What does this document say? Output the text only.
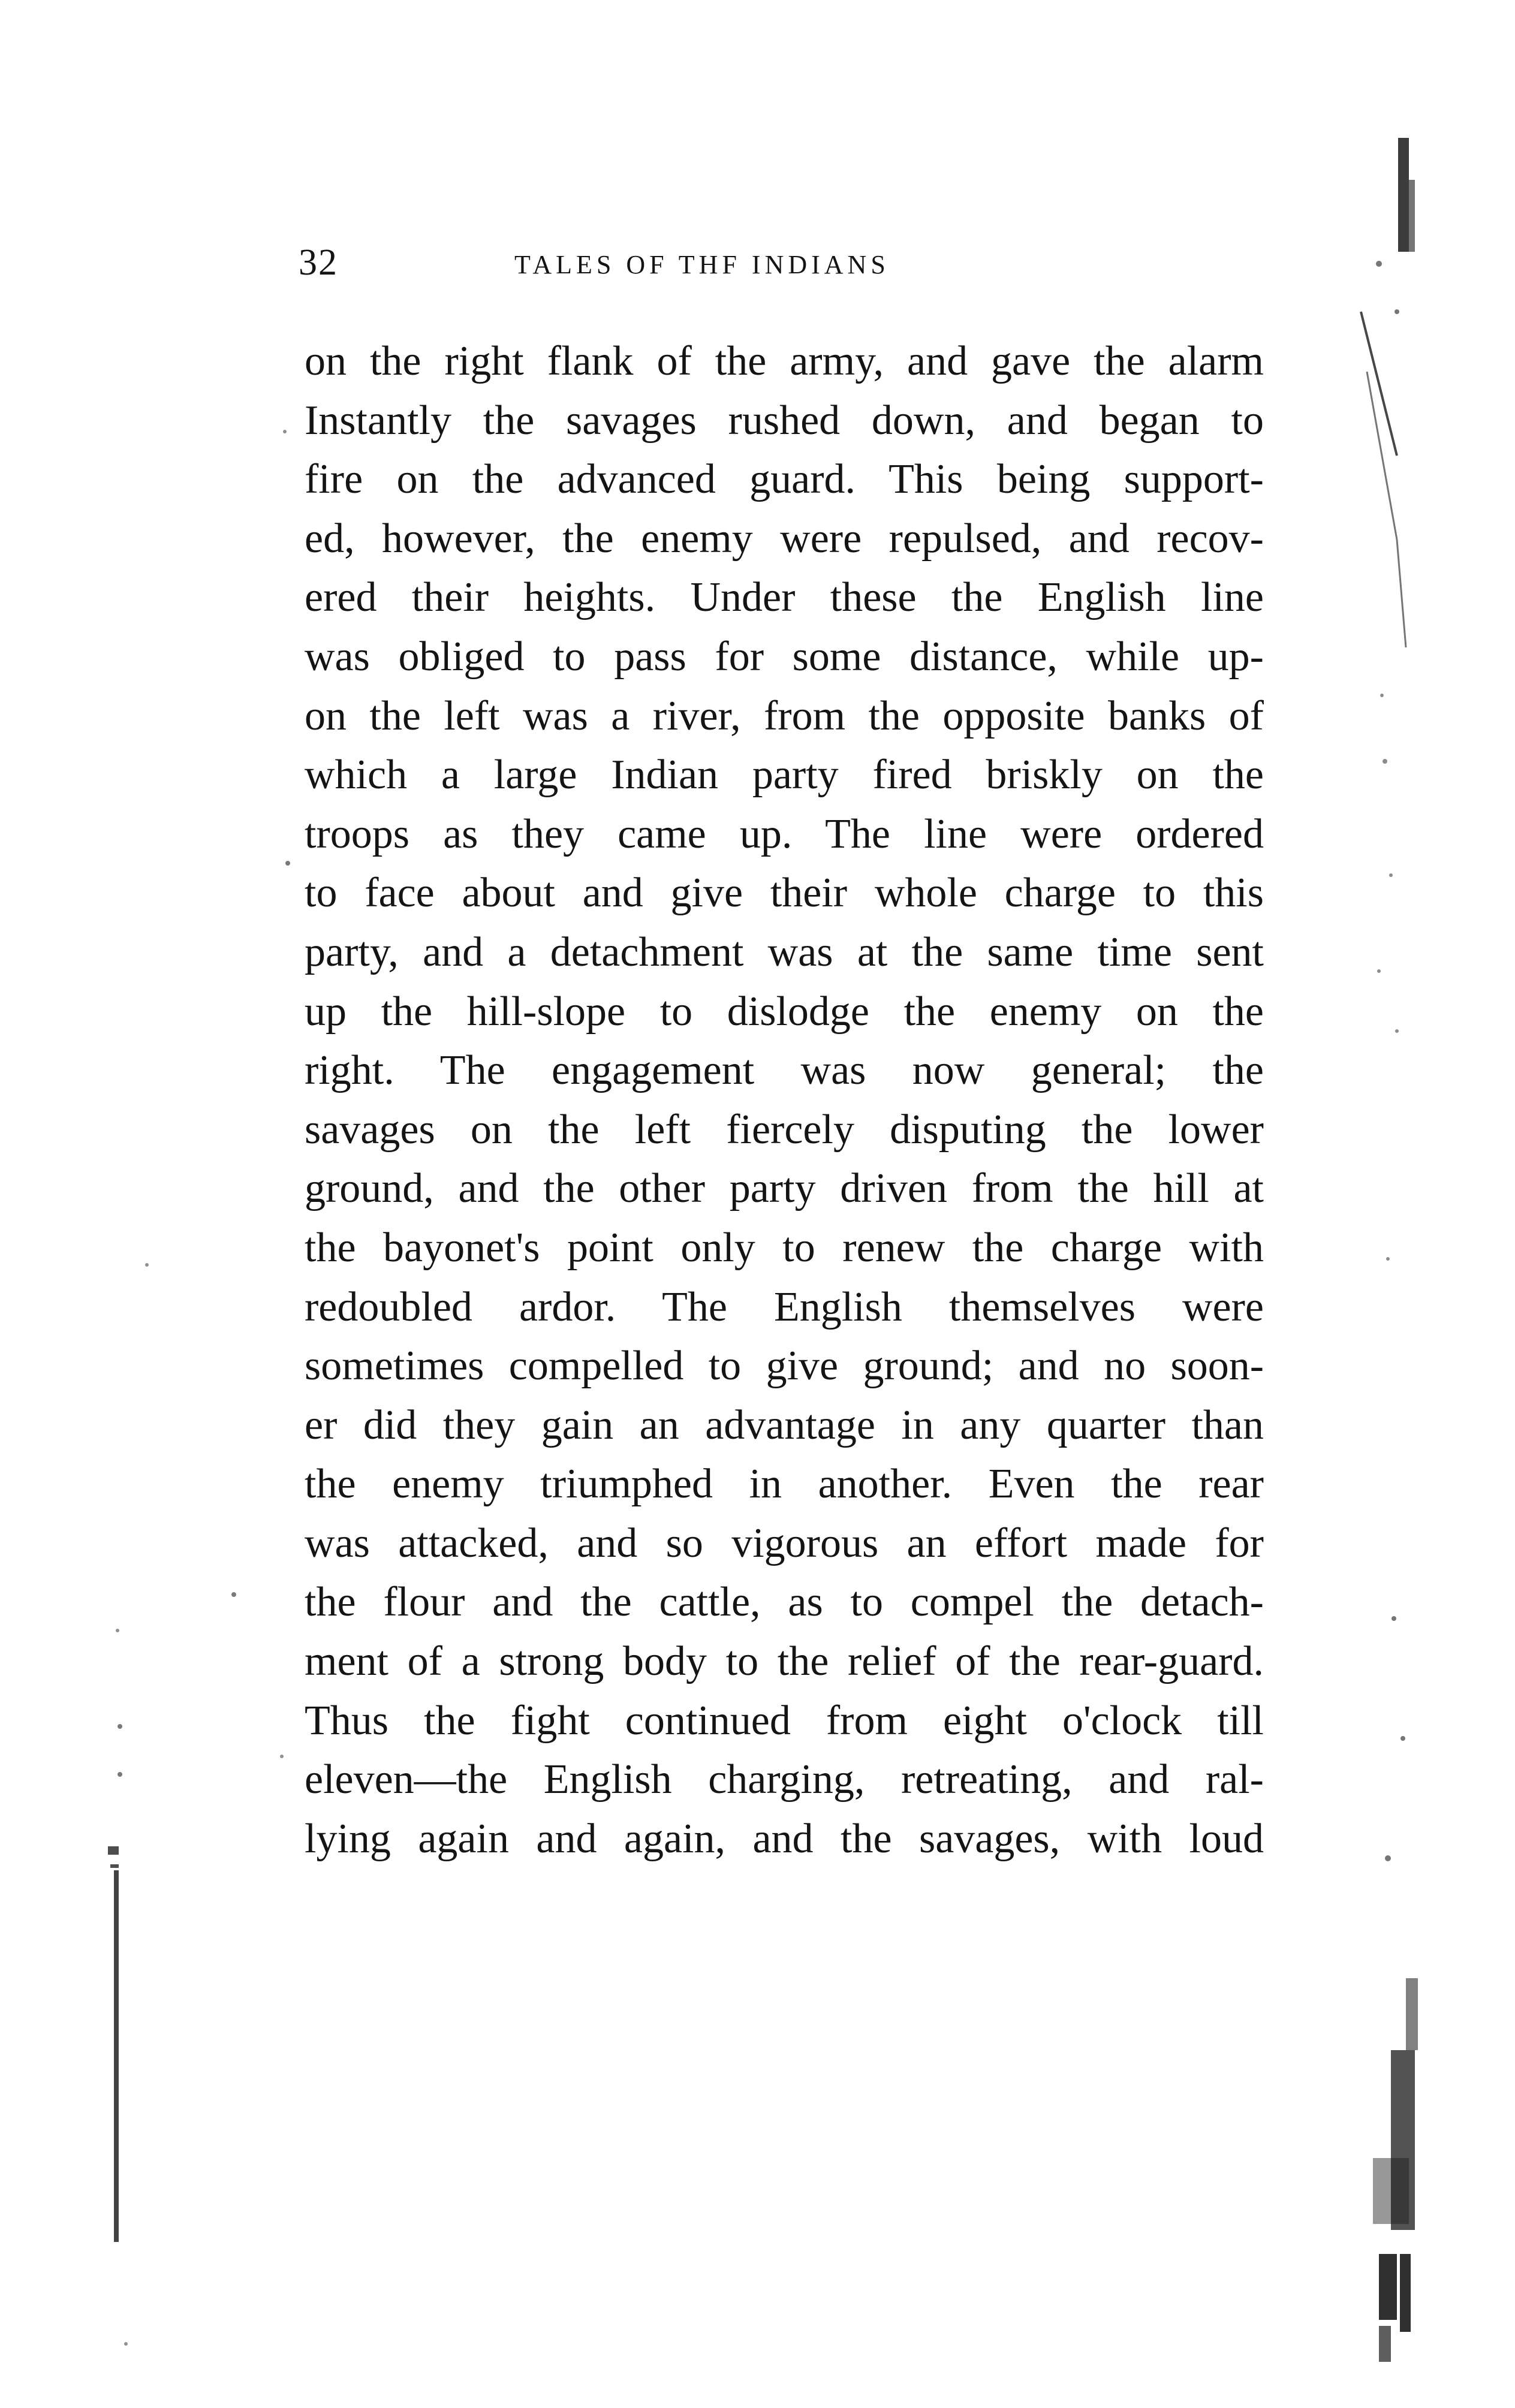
32	TALES OF THF INDIANS
on the right flank of the army, and gave the alarm
Instantly the savages rushed down, and began to
fire on the advanced guard. This being support-
ed, however, the enemy were repulsed, and recov-
ered their heights. Under these the English line
was obliged to pass for some distance, while up-
on the left was a river, from the opposite banks of
which a large Indian party fired briskly on the
troops as they came up. The line were ordered
to face about and give their whole charge to this
party, and a detachment was at the same time sent
up the hill-slope to dislodge the enemy on the
right. The engagement was now general; the
savages on the left fiercely disputing the lower
ground, and the other party driven from the hill at
the bayonet's point only to renew the charge with
redoubled ardor. The English themselves were
sometimes compelled to give ground; and no soon-
er did they gain an advantage in any quarter than
the enemy triumphed in another. Even the rear
was attacked, and so vigorous an effort made for
the flour and the cattle, as to compel the detach-
ment of a strong body to the relief of the rear-guard.
Thus the fight continued from eight o'clock till
eleven—the English charging, retreating, and ral-
lying again and again, and the savages, with loud
